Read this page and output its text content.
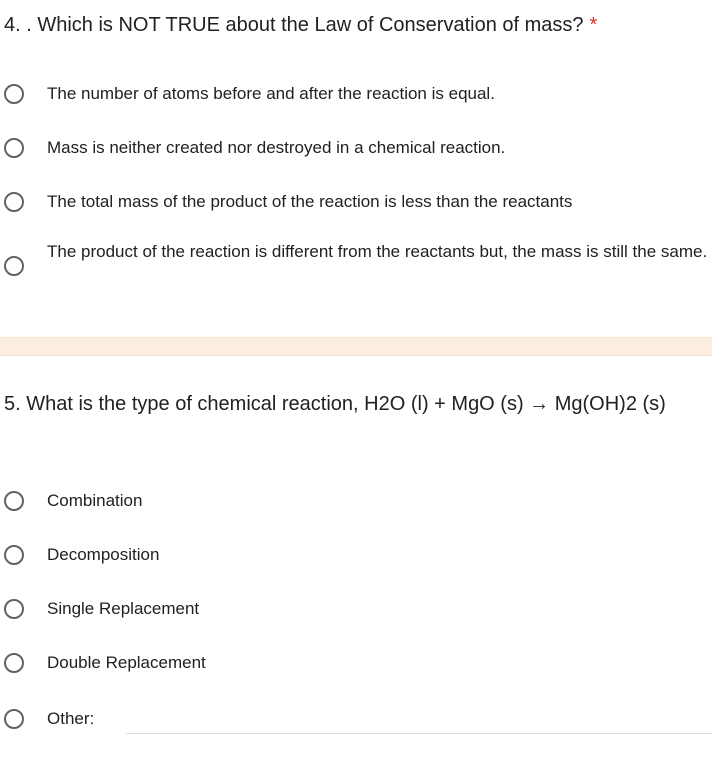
4. . Which is NOT TRUE about the Law of Conservation of mass? *
The number of atoms before and after the reaction is equal.
Mass is neither created nor destroyed in a chemical reaction.
The total mass of the product of the reaction is less than the reactants
The product of the reaction is different from the reactants but, the mass is still the same.
5. What is the type of chemical reaction, H2O (l) + MgO (s) → Mg(OH)2 (s)
Combination
Decomposition
Single Replacement
Double Replacement
Other:
